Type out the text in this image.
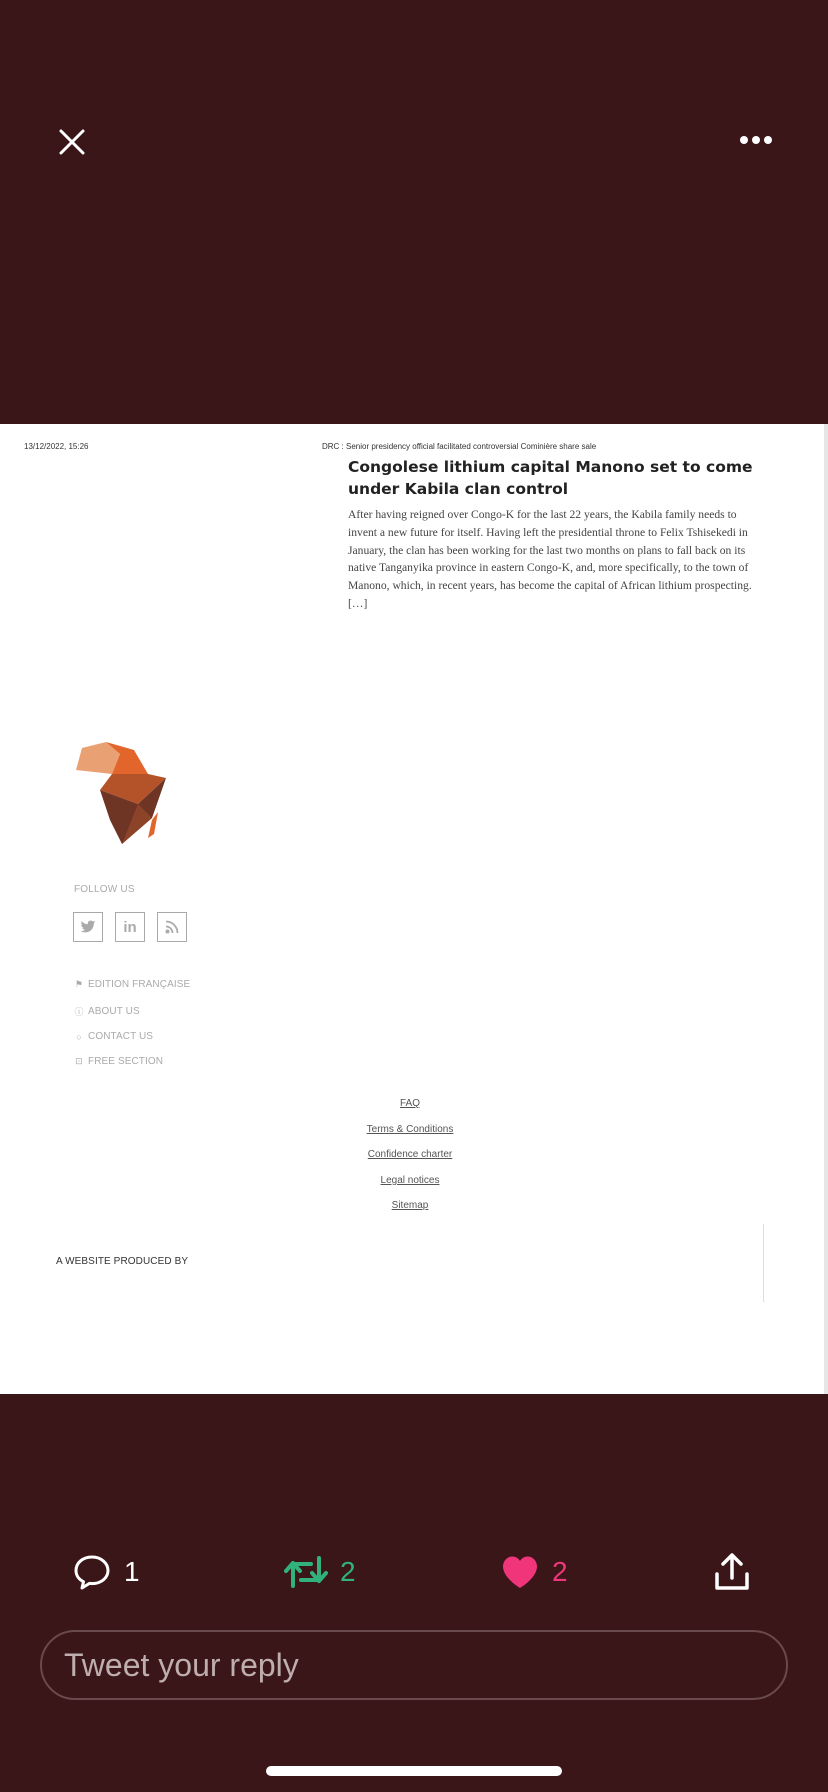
13/12/2022, 15:26	DRC : Senior presidency official facilitated controversial Cominière share sale
Congolese lithium capital Manono set to come under Kabila clan control
After having reigned over Congo-K for the last 22 years, the Kabila family needs to invent a new future for itself. Having left the presidential throne to Felix Tshisekedi in January, the clan has been working for the last two months on plans to fall back on its native Tanganyika province in eastern Congo-K, and, more specifically, to the town of Manono, which, in recent years, has become the capital of African lithium prospecting. […]
FOLLOW US
in
⚑ EDITION FRANÇAISE
ⓘ ABOUT US
○ CONTACT US
⊡ FREE SECTION
FAQ
Terms & Conditions
Confidence charter
Legal notices
Sitemap
A WEBSITE PRODUCED BY
1	2	2
Tweet your reply
